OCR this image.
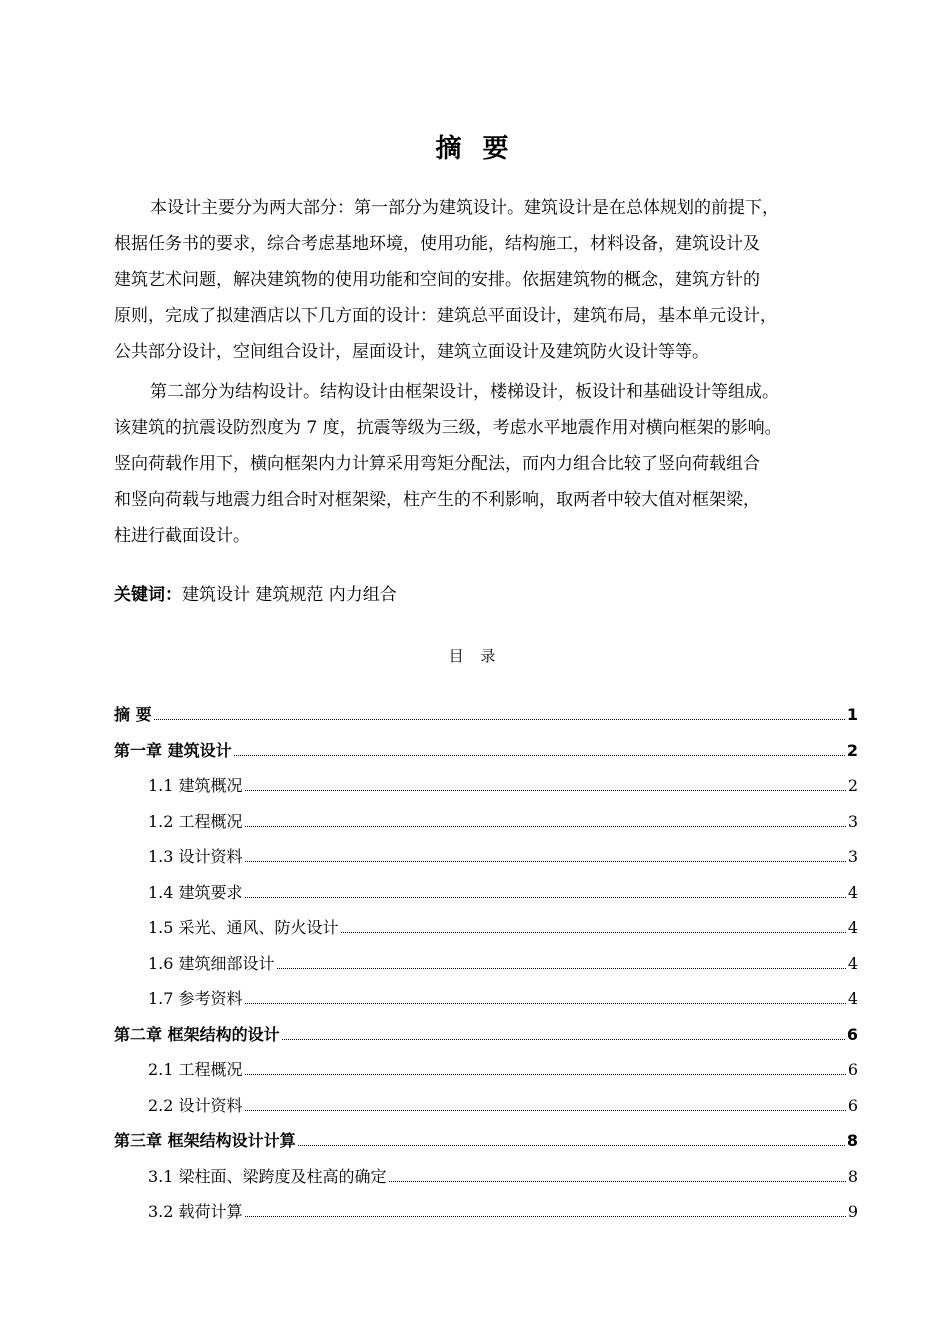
摘 要

本设计主要分为两大部分：第一部分为建筑设计。建筑设计是在总体规划的前提下，
根据任务书的要求，综合考虑基地环境，使用功能，结构施工，材料设备，建筑设计及
建筑艺术问题，解决建筑物的使用功能和空间的安排。依据建筑物的概念，建筑方针的
原则，完成了拟建酒店以下几方面的设计：建筑总平面设计，建筑布局，基本单元设计，
公共部分设计，空间组合设计，屋面设计，建筑立面设计及建筑防火设计等等。

第二部分为结构设计。结构设计由框架设计，楼梯设计，板设计和基础设计等组成。
该建筑的抗震设防烈度为 7 度，抗震等级为三级，考虑水平地震作用对横向框架的影响。
竖向荷载作用下，横向框架内力计算采用弯矩分配法，而内力组合比较了竖向荷载组合
和竖向荷载与地震力组合时对框架梁，柱产生的不利影响，取两者中较大值对框架梁，
柱进行截面设计。

关键词：建筑设计 建筑规范 内力组合
目 录
摘 要	1
第一章 建筑设计	2
1.1 建筑概况	2
1.2 工程概况	3
1.3 设计资料	3
1.4 建筑要求	4
1.5 采光、通风、防火设计	4
1.6 建筑细部设计	4
1.7 参考资料	4
第二章 框架结构的设计	6
2.1 工程概况	6
2.2 设计资料	6
第三章 框架结构设计计算	8
3.1 梁柱面、梁跨度及柱高的确定	8
3.2 载荷计算	9
